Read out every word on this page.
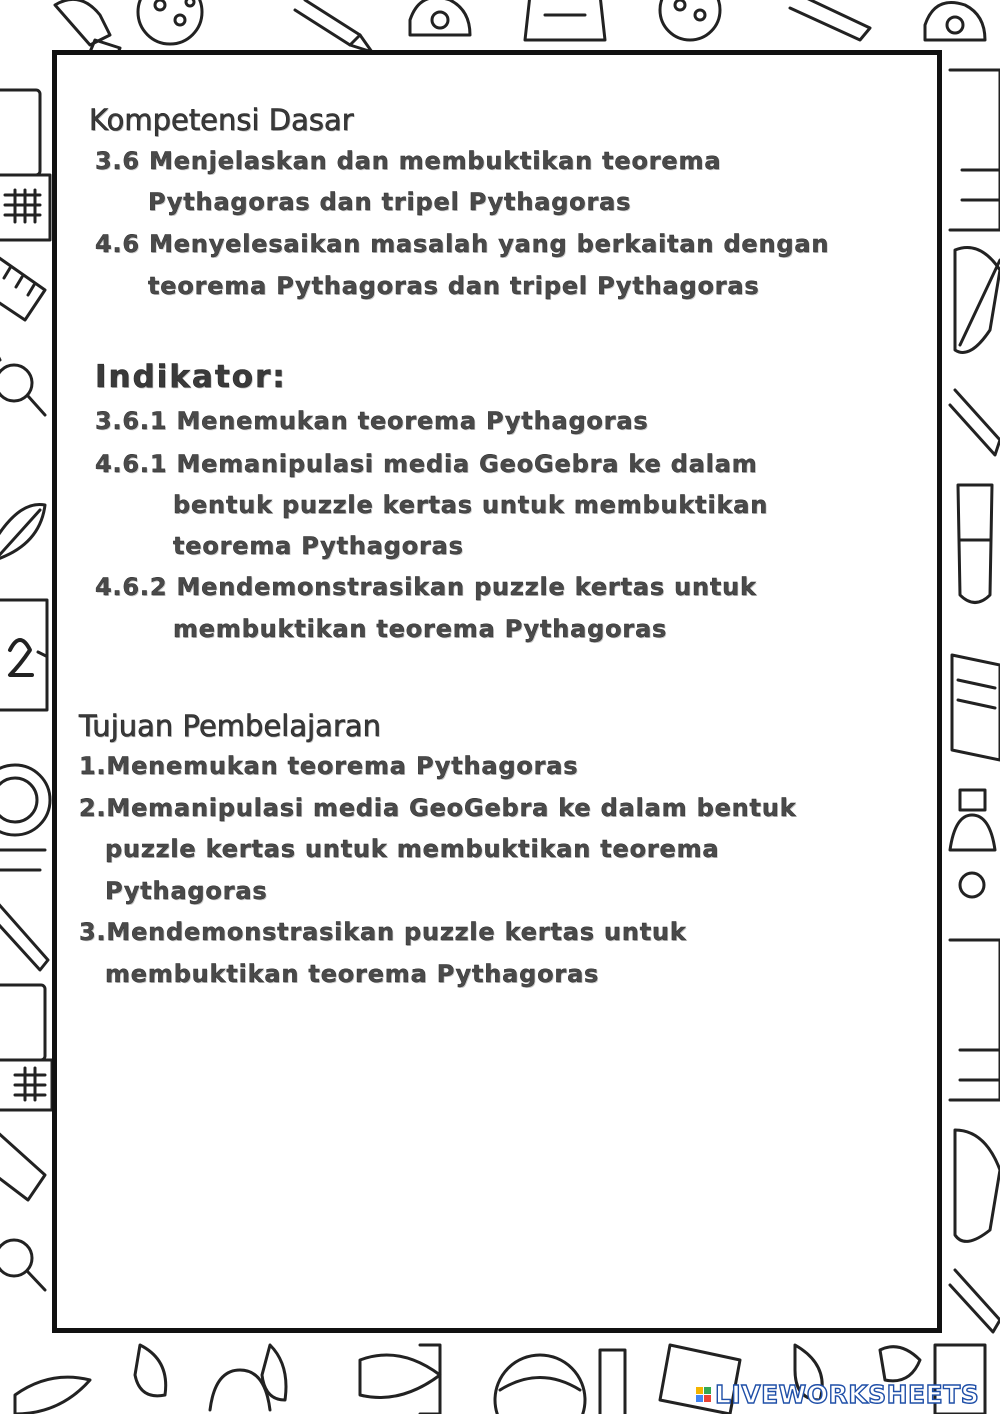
Kompetensi Dasar

3.6 Menjelaskan dan membuktikan teorema

Pythagoras dan tripel Pythagoras

4.6 Menyelesaikan masalah yang berkaitan dengan

teorema Pythagoras dan tripel Pythagoras

Indikator:

3.6.1 Menemukan teorema Pythagoras

4.6.1 Memanipulasi media GeoGebra ke dalam

bentuk puzzle kertas untuk membuktikan

teorema Pythagoras

4.6.2 Mendemonstrasikan puzzle kertas untuk

membuktikan teorema Pythagoras

Tujuan Pembelajaran

1.Menemukan teorema Pythagoras

2.Memanipulasi media GeoGebra ke dalam bentuk

puzzle kertas untuk membuktikan teorema

Pythagoras

3.Mendemonstrasikan puzzle kertas untuk

membuktikan teorema Pythagoras

LIVEWORKSHEETS
